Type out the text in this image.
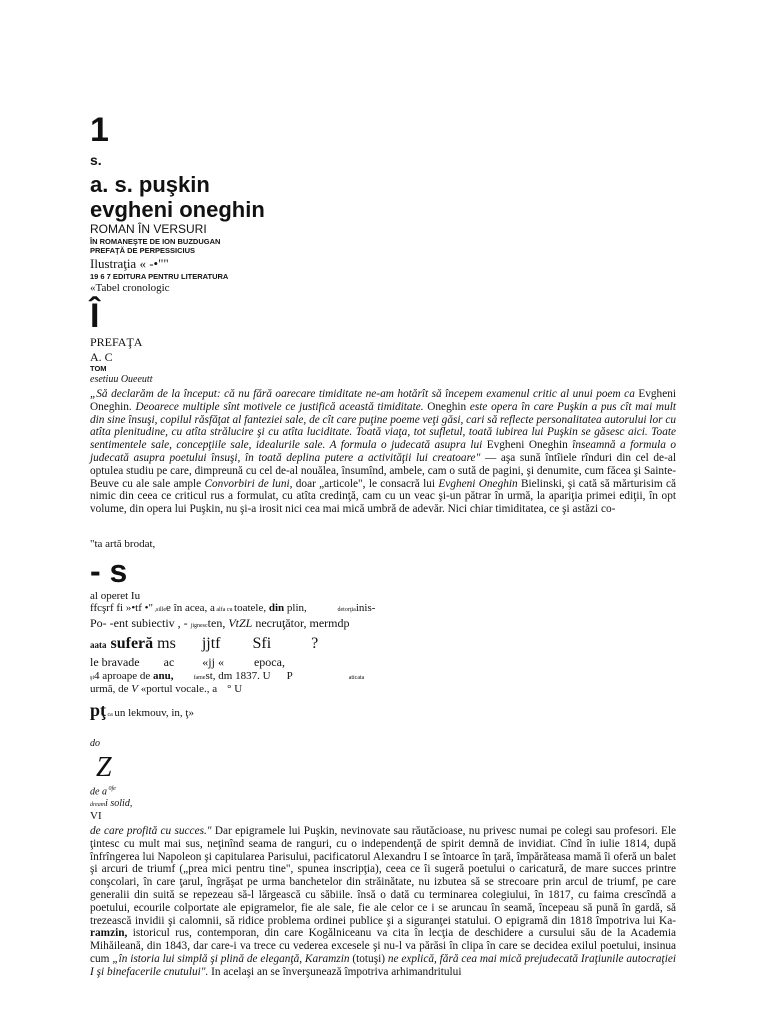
1
s.
a. s. puşkin
evgheni oneghin
ROMAN ÎN VERSURI
ÎN ROMANEŞTE DE ION BUZDUGAN
PREFAŢĂ DE PERPESSICIUS
Ilustraţia « -•""
19 6 7 EDITURA PENTRU LITERATURA
«Tabel cronologic
Î
PREFAŢA
A. C
TOM
esetiuu Oueeutt
„Să declarăm de la început: că nu fără oarecare timiditate ne-am hotărît să începem examenul critic al unui poem ca Evgheni Oneghin. Deoarece multiple sînt motivele ce justifică această timiditate. Oneghin este opera în care Puşkin a pus cît mai mult din sine însuşi, copilul răsfăţat al fanteziei sale, de cît care puţine poeme veţi găsi, cari să reflecte personalitatea autorului lor cu atîta plenitudine, cu atîta strălucire şi cu atîta luciditate. Toată viaţa, tot sufletul, toată iubirea lui Puşkin se găsesc aici. Toate sentimentele sale, concepţiile sale, idealurile sale. A formula o judecată asupra lui Evgheni Oneghin înseamnă a formula o judecată asupra poetului însuşi, în toată deplina putere a activităţii lui creatoare" — aşa sună întîiele rînduri din cel de-al optulea studiu pe care, dimpreună cu cel de-al nouălea, însumînd, ambele, cam o sută de pagini, şi denumite, cum făcea şi Sainte-Beuve cu ale sale ample Convorbiri de luni, doar „articole", le consacră lui Evgheni Oneghin Bielinski, şi cată să mărturisim că nimic din ceea ce criticul rus a formulat, cu atîta credinţă, cam cu un veac şi-un pătrar în urmă, la apariţia primei ediţii, în opt volume, din opera lui Puşkin, nu şi-a irosit nici cea mai mică umbră de adevăr. Nici chiar timiditatea, ce şi astăzi co-
"ta artă brodat,
- s
al operet Iu
ffcşrf fi »•tf •" ,sillee în acea, a alfa cu toatele, din plin,	detorţiainis-
Po- -ent subiectiv , - jignescten, VtZL necruţător, mermdp
aata suferă ms jjtf Sfi	?
le bravade ac «jj «	epoca,
şi4 aproape de anu,	famest, dm 1837. U P	aticata
urmă, de V «portul vocale., a ° U
pţ ca un lekmouv, in, ţ»
do
Z
de a $^{0fe}$
dreami solid,
VI
de care profită cu succes." Dar epigramele lui Puşkin, nevinovate sau răutăcioase, nu privesc numai pe colegi sau profesori. Ele ţintesc cu mult mai sus, neţinînd seama de ranguri, cu o independenţă de spirit demnă de invidiat. Cînd în iulie 1814, după înfrîngerea lui Napoleon şi capitularea Parisului, pacificatorul Alexandru I se întoarce în ţară, împărăteasa mamă îi oferă un balet şi arcuri de triumf („prea mici pentru tine", spunea inscripţia), ceea ce îi sugeră poetului o caricatură, de mare succes printre conşcolari, în care ţarul, îngrăşat pe urma banchetelor din străinătate, nu izbutea să se strecoare prin arcul de triumf, pe care generalii din suită se repezeau să-l lărgească cu săbiile. însă o dată cu terminarea colegiului, în 1817, cu faima crescîndă a poetului, ecourile colportate ale epigramelor, fie ale sale, fie ale celor ce i se aruncau în seamă, începeau să pună în gardă, să trezească invidii şi calomnii, să ridice problema ordinei publice şi a siguranţei statului. O epigramă din 1818 împotriva lui Ka-ramzin, istoricul rus, contemporan, din care Kogălniceanu va cita în lecţia de deschidere a cursului său de la Academia Mihăileană, din 1843, dar care-i va trece cu vederea excesele şi nu-l va părăsi în clipa în care se decidea exilul poetului, insinua cum „în istoria lui simplă şi plină de eleganţă, Karamzin (totuşi) ne explică, fără cea mai mică prejudecată Iraţiunile autocraţiei I şi binefacerile cnutului". In acelaşi an se înverşunează împotriva arhimandritului
